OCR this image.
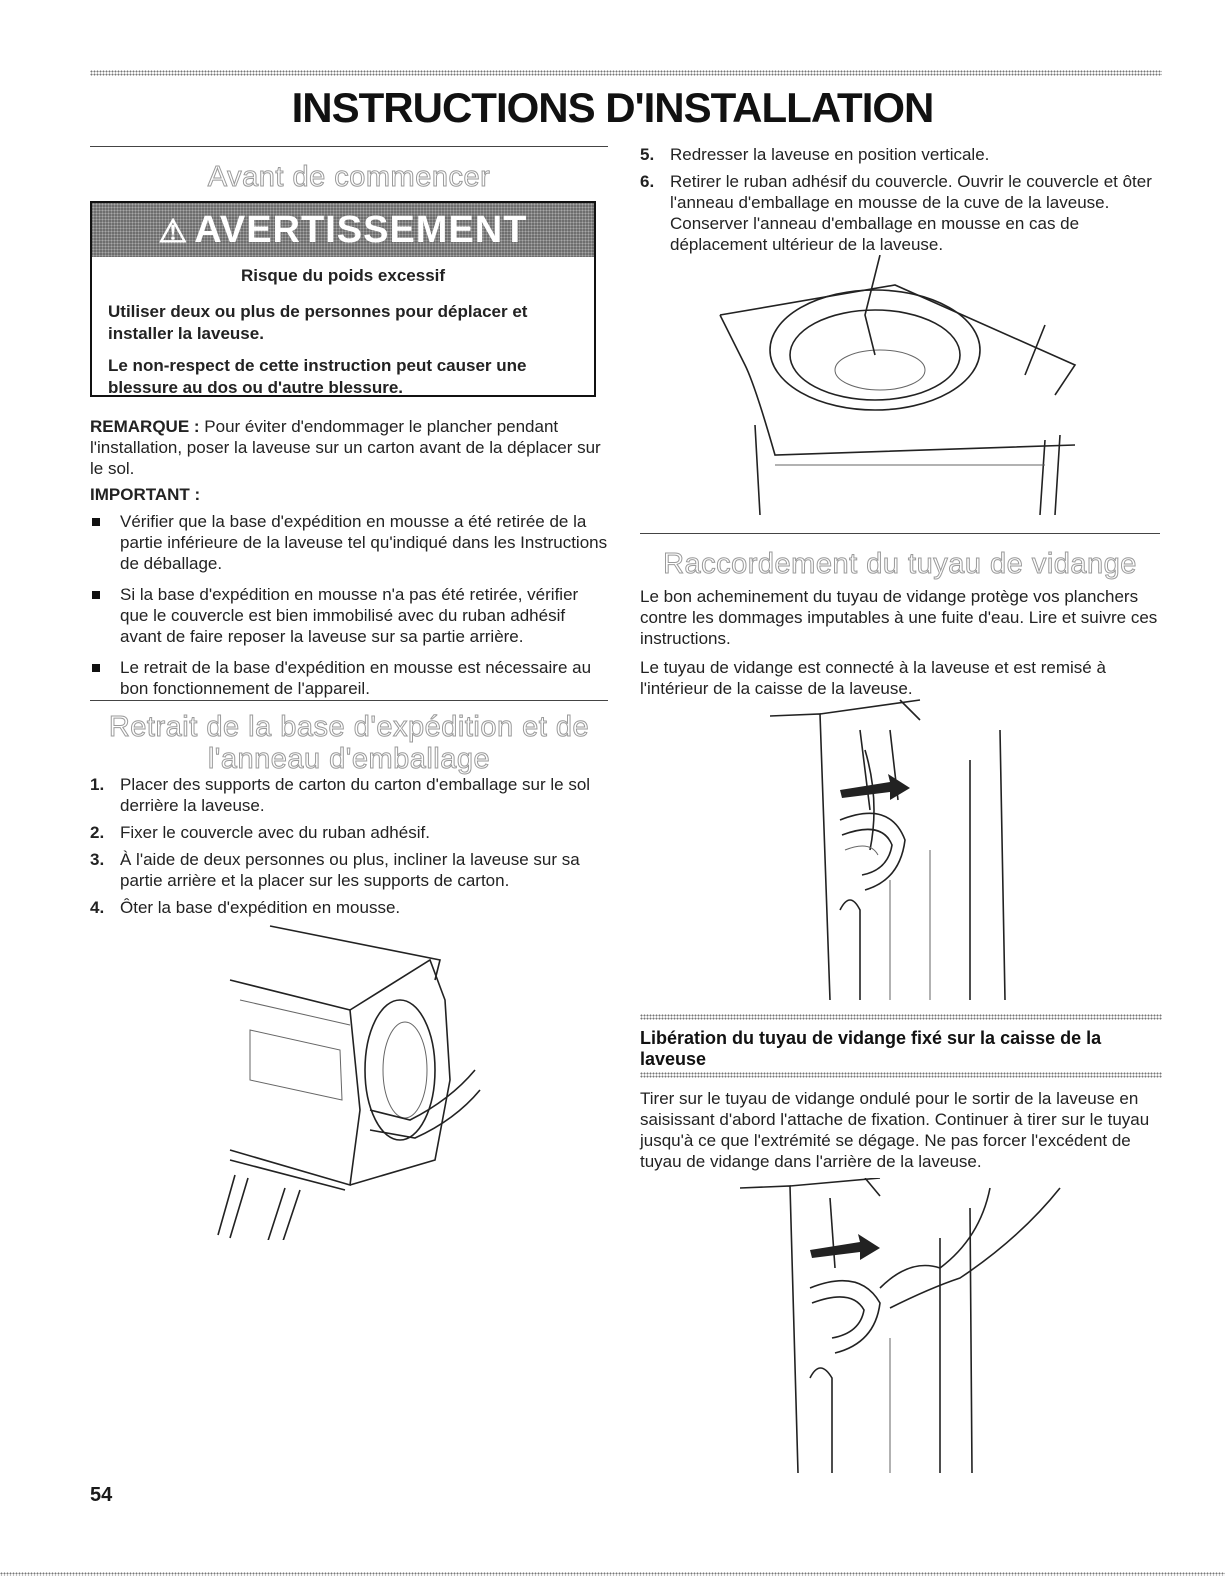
INSTRUCTIONS D'INSTALLATION
Avant de commencer
⚠ AVERTISSEMENT

Risque du poids excessif

Utiliser deux ou plus de personnes pour déplacer et installer la laveuse.

Le non-respect de cette instruction peut causer une blessure au dos ou d'autre blessure.

REMARQUE : Pour éviter d'endommager le plancher pendant l'installation, poser la laveuse sur un carton avant de la déplacer sur le sol.

IMPORTANT :

Vérifier que la base d'expédition en mousse a été retirée de la partie inférieure de la laveuse tel qu'indiqué dans les Instructions de déballage.
Si la base d'expédition en mousse n'a pas été retirée, vérifier que le couvercle est bien immobilisé avec du ruban adhésif avant de faire reposer la laveuse sur sa partie arrière.
Le retrait de la base d'expédition en mousse est nécessaire au bon fonctionnement de l'appareil.
Retrait de la base d'expédition et de
l'anneau d'emballage
1. Placer des supports de carton du carton d'emballage sur le sol derrière la laveuse.
2. Fixer le couvercle avec du ruban adhésif.
3. À l'aide de deux personnes ou plus, incliner la laveuse sur sa partie arrière et la placer sur les supports de carton.
4. Ôter la base d'expédition en mousse.
5. Redresser la laveuse en position verticale.
6. Retirer le ruban adhésif du couvercle. Ouvrir le couvercle et ôter l'anneau d'emballage en mousse de la cuve de la laveuse. Conserver l'anneau d'emballage en mousse en cas de déplacement ultérieur de la laveuse.
Raccordement du tuyau de vidange

Le bon acheminement du tuyau de vidange protège vos planchers contre les dommages imputables à une fuite d'eau. Lire et suivre ces instructions.

Le tuyau de vidange est connecté à la laveuse et est remisé à l'intérieur de la caisse de la laveuse.

Libération du tuyau de vidange fixé sur la caisse de la laveuse

Tirer sur le tuyau de vidange ondulé pour le sortir de la laveuse en saisissant d'abord l'attache de fixation. Continuer à tirer sur le tuyau jusqu'à ce que l'extrémité se dégage. Ne pas forcer l'excédent de tuyau de vidange dans l'arrière de la laveuse.

54
